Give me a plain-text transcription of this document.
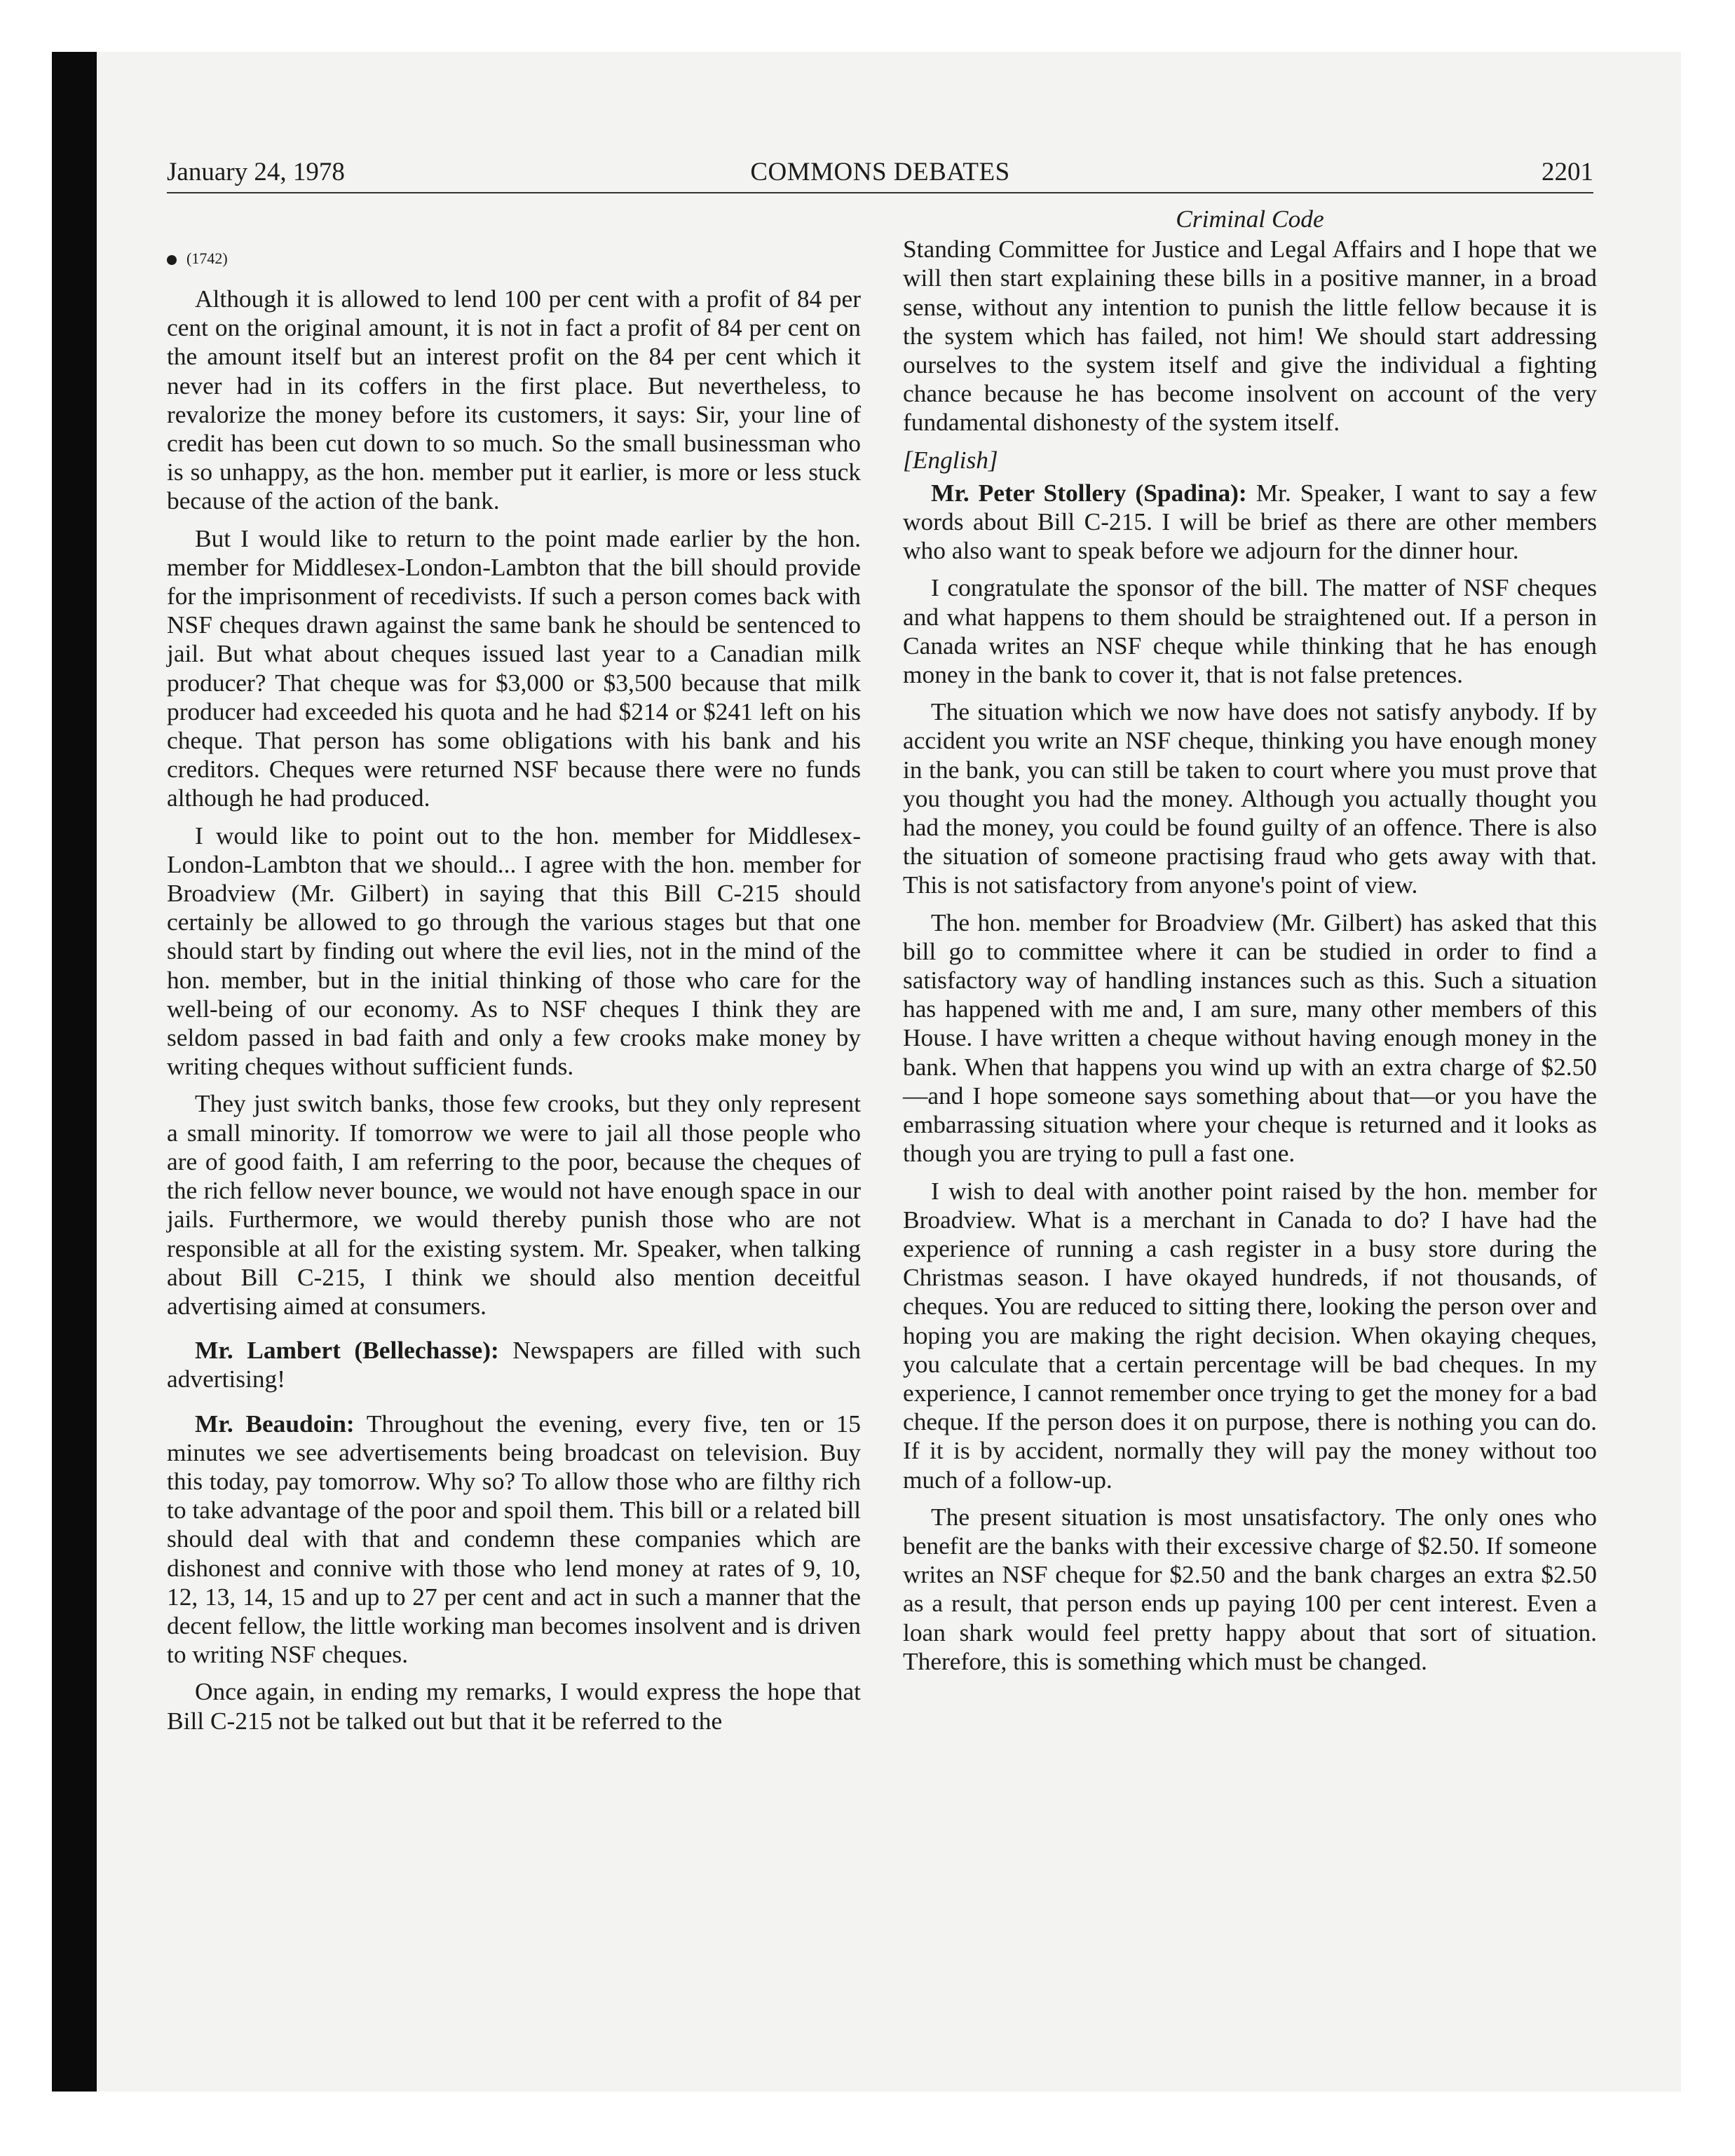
COMMONS DEBATES
January 24, 1978	2201
(1742)

Although it is allowed to lend 100 per cent with a profit of 84 per cent on the original amount, it is not in fact a profit of 84 per cent on the amount itself but an interest profit on the 84 per cent which it never had in its coffers in the first place. But nevertheless, to revalorize the money before its customers, it says: Sir, your line of credit has been cut down to so much. So the small businessman who is so unhappy, as the hon. member put it earlier, is more or less stuck because of the action of the bank.

But I would like to return to the point made earlier by the hon. member for Middlesex-London-Lambton that the bill should provide for the imprisonment of recedivists. If such a person comes back with NSF cheques drawn against the same bank he should be sentenced to jail. But what about cheques issued last year to a Canadian milk producer? That cheque was for $3,000 or $3,500 because that milk producer had exceeded his quota and he had $214 or $241 left on his cheque. That person has some obligations with his bank and his creditors. Cheques were returned NSF because there were no funds although he had produced.

I would like to point out to the hon. member for Middlesex-London-Lambton that we should... I agree with the hon. member for Broadview (Mr. Gilbert) in saying that this Bill C-215 should certainly be allowed to go through the various stages but that one should start by finding out where the evil lies, not in the mind of the hon. member, but in the initial thinking of those who care for the well-being of our economy. As to NSF cheques I think they are seldom passed in bad faith and only a few crooks make money by writing cheques without sufficient funds.

They just switch banks, those few crooks, but they only represent a small minority. If tomorrow we were to jail all those people who are of good faith, I am referring to the poor, because the cheques of the rich fellow never bounce, we would not have enough space in our jails. Furthermore, we would thereby punish those who are not responsible at all for the existing system. Mr. Speaker, when talking about Bill C-215, I think we should also mention deceitful advertising aimed at consumers.

Mr. Lambert (Bellechasse): Newspapers are filled with such advertising!

Mr. Beaudoin: Throughout the evening, every five, ten or 15 minutes we see advertisements being broadcast on television. Buy this today, pay tomorrow. Why so? To allow those who are filthy rich to take advantage of the poor and spoil them. This bill or a related bill should deal with that and condemn these companies which are dishonest and connive with those who lend money at rates of 9, 10, 12, 13, 14, 15 and up to 27 per cent and act in such a manner that the decent fellow, the little working man becomes insolvent and is driven to writing NSF cheques.

Once again, in ending my remarks, I would express the hope that Bill C-215 not be talked out but that it be referred to the

Criminal Code

Standing Committee for Justice and Legal Affairs and I hope that we will then start explaining these bills in a positive manner, in a broad sense, without any intention to punish the little fellow because it is the system which has failed, not him! We should start addressing ourselves to the system itself and give the individual a fighting chance because he has become insolvent on account of the very fundamental dishonesty of the system itself.

[English]

Mr. Peter Stollery (Spadina): Mr. Speaker, I want to say a few words about Bill C-215. I will be brief as there are other members who also want to speak before we adjourn for the dinner hour.

I congratulate the sponsor of the bill. The matter of NSF cheques and what happens to them should be straightened out. If a person in Canada writes an NSF cheque while thinking that he has enough money in the bank to cover it, that is not false pretences.

The situation which we now have does not satisfy anybody. If by accident you write an NSF cheque, thinking you have enough money in the bank, you can still be taken to court where you must prove that you thought you had the money. Although you actually thought you had the money, you could be found guilty of an offence. There is also the situation of someone practising fraud who gets away with that. This is not satisfactory from anyone's point of view.

The hon. member for Broadview (Mr. Gilbert) has asked that this bill go to committee where it can be studied in order to find a satisfactory way of handling instances such as this. Such a situation has happened with me and, I am sure, many other members of this House. I have written a cheque without having enough money in the bank. When that happens you wind up with an extra charge of $2.50—and I hope someone says something about that—or you have the embarrassing situation where your cheque is returned and it looks as though you are trying to pull a fast one.

I wish to deal with another point raised by the hon. member for Broadview. What is a merchant in Canada to do? I have had the experience of running a cash register in a busy store during the Christmas season. I have okayed hundreds, if not thousands, of cheques. You are reduced to sitting there, looking the person over and hoping you are making the right decision. When okaying cheques, you calculate that a certain percentage will be bad cheques. In my experience, I cannot remember once trying to get the money for a bad cheque. If the person does it on purpose, there is nothing you can do. If it is by accident, normally they will pay the money without too much of a follow-up.

The present situation is most unsatisfactory. The only ones who benefit are the banks with their excessive charge of $2.50. If someone writes an NSF cheque for $2.50 and the bank charges an extra $2.50 as a result, that person ends up paying 100 per cent interest. Even a loan shark would feel pretty happy about that sort of situation. Therefore, this is something which must be changed.
